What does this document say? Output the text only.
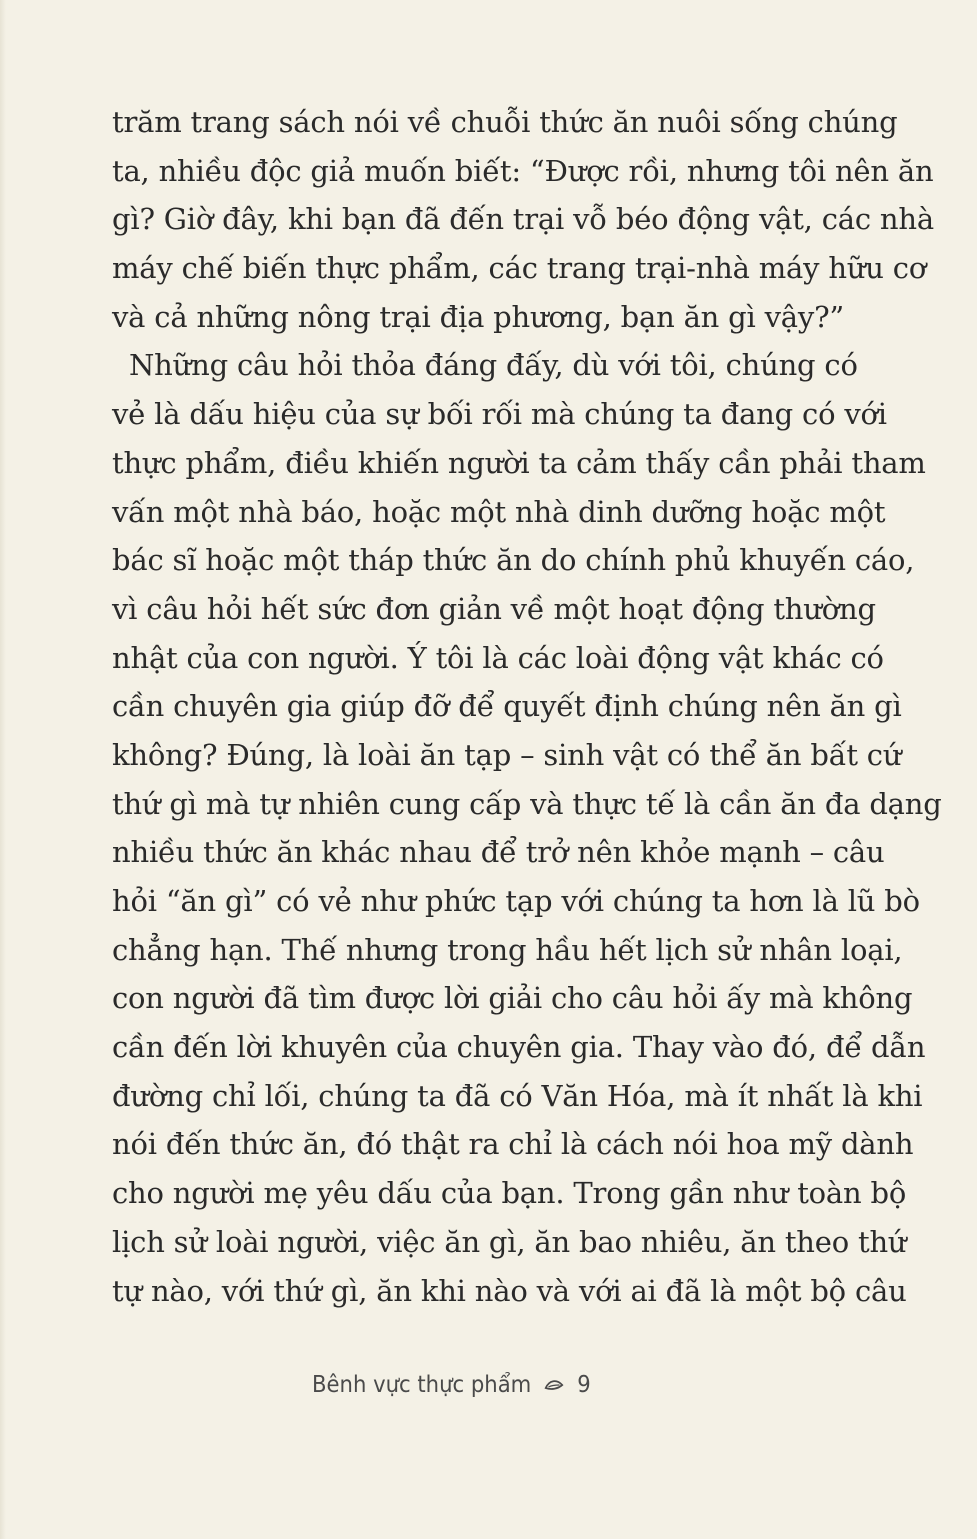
trăm trang sách nói về chuỗi thức ăn nuôi sống chúng
ta, nhiều độc giả muốn biết: “Được rồi, nhưng tôi nên ăn
gì? Giờ đây, khi bạn đã đến trại vỗ béo động vật, các nhà
máy chế biến thực phẩm, các trang trại-nhà máy hữu cơ
và cả những nông trại địa phương, bạn ăn gì vậy?”
Những câu hỏi thỏa đáng đấy, dù với tôi, chúng có
vẻ là dấu hiệu của sự bối rối mà chúng ta đang có với
thực phẩm, điều khiến người ta cảm thấy cần phải tham
vấn một nhà báo, hoặc một nhà dinh dưỡng hoặc một
bác sĩ hoặc một tháp thức ăn do chính phủ khuyến cáo,
vì câu hỏi hết sức đơn giản về một hoạt động thường
nhật của con người. Ý tôi là các loài động vật khác có
cần chuyên gia giúp đỡ để quyết định chúng nên ăn gì
không? Đúng, là loài ăn tạp – sinh vật có thể ăn bất cứ
thứ gì mà tự nhiên cung cấp và thực tế là cần ăn đa dạng
nhiều thức ăn khác nhau để trở nên khỏe mạnh – câu
hỏi “ăn gì” có vẻ như phức tạp với chúng ta hơn là lũ bò
chẳng hạn. Thế nhưng trong hầu hết lịch sử nhân loại,
con người đã tìm được lời giải cho câu hỏi ấy mà không
cần đến lời khuyên của chuyên gia. Thay vào đó, để dẫn
đường chỉ lối, chúng ta đã có Văn Hóa, mà ít nhất là khi
nói đến thức ăn, đó thật ra chỉ là cách nói hoa mỹ dành
cho người mẹ yêu dấu của bạn. Trong gần như toàn bộ
lịch sử loài người, việc ăn gì, ăn bao nhiêu, ăn theo thứ
tự nào, với thứ gì, ăn khi nào và với ai đã là một bộ câu
Bênh vực thực phẩm 9
